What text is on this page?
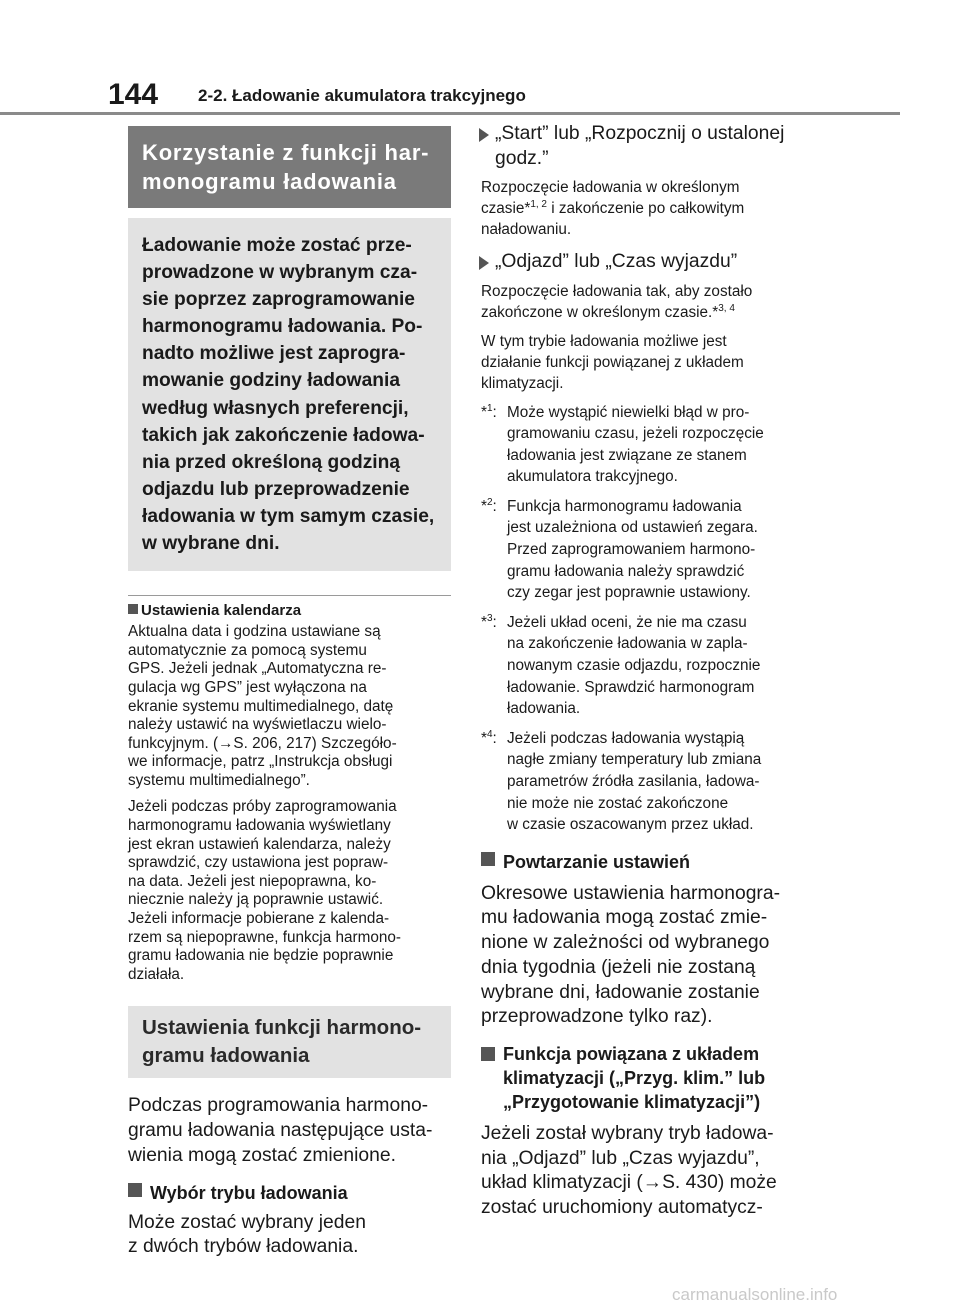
144 2-2. Ładowanie akumulatora trakcyjnego
Korzystanie z funkcji har-
monogramu ładowania
Ładowanie może zostać prze-
prowadzone w wybranym cza-
sie poprzez zaprogramowanie
harmonogramu ładowania. Po-
nadto możliwe jest zaprogra-
mowanie godziny ładowania
według własnych preferencji,
takich jak zakończenie ładowa-
nia przed określoną godziną
odjazdu lub przeprowadzenie
ładowania w tym samym czasie,
w wybrane dni.
Ustawienia kalendarza
Aktualna data i godzina ustawiane są
automatycznie za pomocą systemu
GPS. Jeżeli jednak „Automatyczna re-
gulacja wg GPS” jest wyłączona na
ekranie systemu multimedialnego, datę
należy ustawić na wyświetlaczu wielo-
funkcyjnym. (→S. 206, 217) Szczegóło-
we informacje, patrz „Instrukcja obsługi
systemu multimedialnego”.
Jeżeli podczas próby zaprogramowania
harmonogramu ładowania wyświetlany
jest ekran ustawień kalendarza, należy
sprawdzić, czy ustawiona jest popraw-
na data. Jeżeli jest niepoprawna, ko-
niecznie należy ją poprawnie ustawić.
Jeżeli informacje pobierane z kalenda-
rzem są niepoprawne, funkcja harmono-
gramu ładowania nie będzie poprawnie
działała.
Ustawienia funkcji harmono-
gramu ładowania
Podczas programowania harmono-
gramu ładowania następujące usta-
wienia mogą zostać zmienione.
Wybór trybu ładowania
Może zostać wybrany jeden
z dwóch trybów ładowania.
„Start” lub „Rozpocznij o ustalonej
godz.”
Rozpoczęcie ładowania w określonym
czasie*$^{1, 2}$ i zakończenie po całkowitym
naładowaniu.
„Odjazd” lub „Czas wyjazdu”
Rozpoczęcie ładowania tak, aby zostało
zakończone w określonym czasie.*$^{3, 4}$
W tym trybie ładowania możliwe jest
działanie funkcji powiązanej z układem
klimatyzacji.
*$^1$: Może wystąpić niewielki błąd w pro-
gramowaniu czasu, jeżeli rozpoczęcie
ładowania jest związane ze stanem
akumulatora trakcyjnego.
*$^2$: Funkcja harmonogramu ładowania
jest uzależniona od ustawień zegara.
Przed zaprogramowaniem harmono-
gramu ładowania należy sprawdzić
czy zegar jest poprawnie ustawiony.
*$^3$: Jeżeli układ oceni, że nie ma czasu
na zakończenie ładowania w zapla-
nowanym czasie odjazdu, rozpocznie
ładowanie. Sprawdzić harmonogram
ładowania.
*$^4$: Jeżeli podczas ładowania wystąpią
nagłe zmiany temperatury lub zmiana
parametrów źródła zasilania, ładowa-
nie może nie zostać zakończone
w czasie oszacowanym przez układ.
Powtarzanie ustawień
Okresowe ustawienia harmonogra-
mu ładowania mogą zostać zmie-
nione w zależności od wybranego
dnia tygodnia (jeżeli nie zostaną
wybrane dni, ładowanie zostanie
przeprowadzone tylko raz).
Funkcja powiązana z układem
klimatyzacji („Przyg. klim.” lub
„Przygotowanie klimatyzacji”)
Jeżeli został wybrany tryb ładowa-
nia „Odjazd” lub „Czas wyjazdu”,
układ klimatyzacji (→S. 430) może
zostać uruchomiony automatycz-
carmanualsonline.info
